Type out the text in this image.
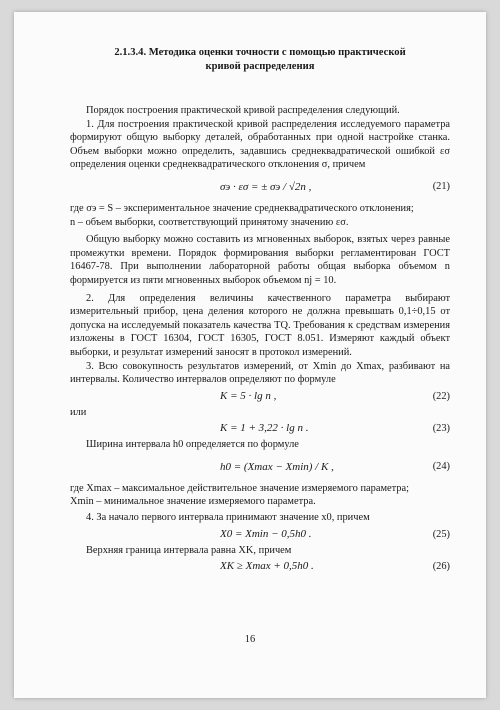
2.1.3.4. Методика оценки точности с помощью практической
кривой распределения

Порядок построения практической кривой распределения следующий.

1. Для построения практической кривой распределения исследуемого параметра формируют общую выборку деталей, обработанных при одной настройке станка. Объем выборки можно определить, задавшись среднеквадратической ошибкой εσ определения оценки среднеквадратического отклонения σ, причем

σэ · εσ = ± σэ / √2n ,	(21)

где σэ = S – экспериментальное значение среднеквадратического отклонения;

n – объем выборки, соответствующий принятому значению εσ.

Общую выборку можно составить из мгновенных выборок, взятых через равные промежутки времени. Порядок формирования выборки регламентирован ГОСТ 16467-78. При выполнении лабораторной работы общая выборка объемом n формируется из пяти мгновенных выборок объемом nj = 10.

2. Для определения величины качественного параметра выбирают измерительный прибор, цена деления которого не должна превышать 0,1÷0,15 от допуска на исследуемый показатель качества TQ. Требования к средствам измерения изложены в ГОСТ 16304, ГОСТ 16305, ГОСТ 8.051. Измеряют каждый объект выборки, и результат измерений заносят в протокол измерений.

3. Всю совокупность результатов измерений, от Xmin до Xmax, разбивают на интервалы. Количество интервалов определяют по формуле

K = 5 · lg n ,	(22)

или

K = 1 + 3,22 · lg n .	(23)

Ширина интервала h0 определяется по формуле

h0 = (Xmax − Xmin) / K ,	(24)

где Xmax – максимальное действительное значение измеряемого параметра;

Xmin – минимальное значение измеряемого параметра.

4. За начало первого интервала принимают значение x0, причем

X0 = Xmin − 0,5h0 .	(25)

Верхняя граница интервала равна XK, причем

XK ≥ Xmax + 0,5h0 .	(26)
16
